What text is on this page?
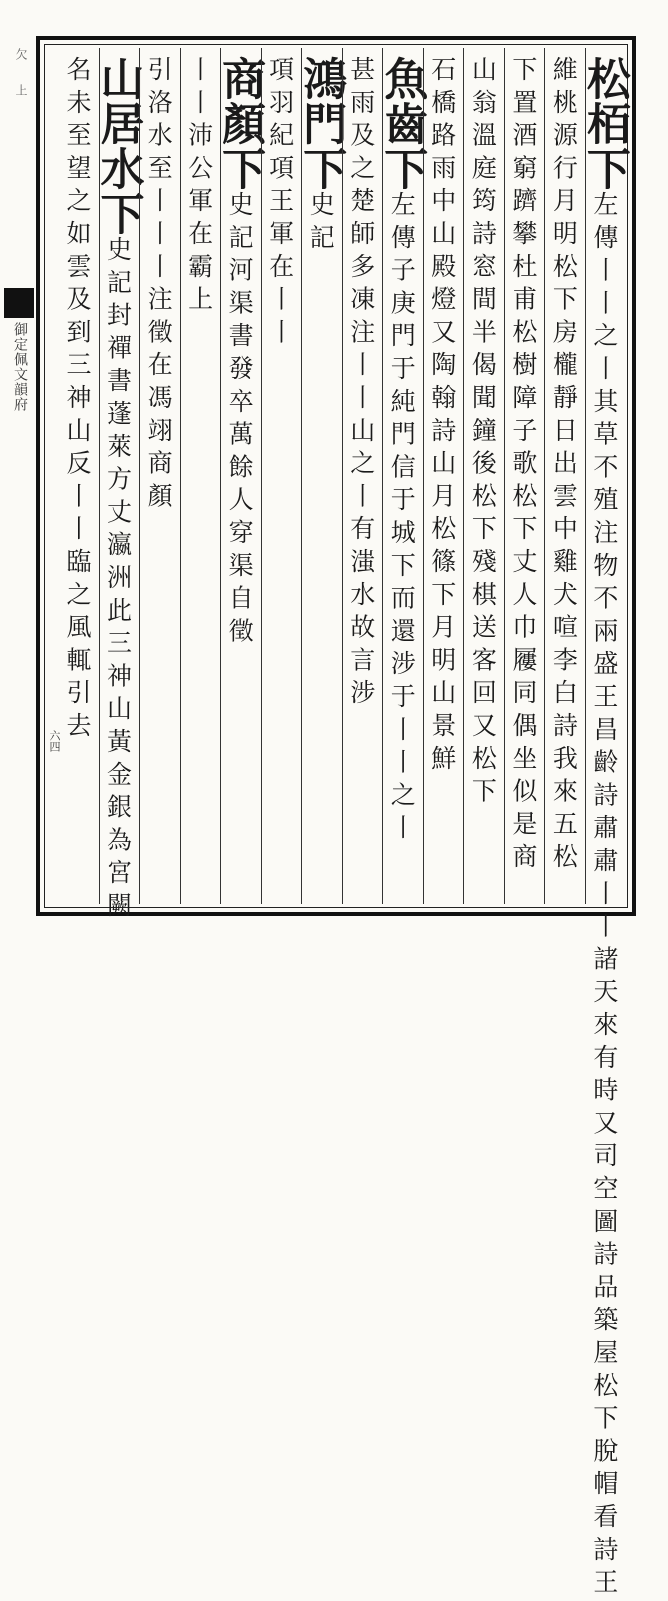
欠　上
御定佩文韻府
六四
松栢下左傳丨丨之丨其草不殖注物不兩盛王昌齡詩肅肅丨丨諸天來有時又司空圖詩品築屋松下脫帽看詩王
維桃源行月明松下房櫳靜日出雲中雞犬喧李白詩我來五松
下置酒窮躋攀杜甫松樹障子歌松下丈人巾屨同偶坐似是商
山翁溫庭筠詩窓間半偈聞鐘後松下殘棋送客回又松下
石橋路雨中山殿燈又陶翰詩山月松篠下月明山景鮮
魚齒下左傳子庚門于純門信于城下而還涉于丨丨之丨
甚雨及之楚師多凍注丨丨山之丨有滍水故言涉
鴻門下史記
項羽紀項王軍在丨丨
商顏下史記河渠書發卒萬餘人穿渠自徵
丨丨沛公軍在霸上
引洛水至丨丨丨注徵在馮翊商顏
山居水下史記封禪書蓬萊方丈瀛洲此三神山黃金銀為宮闕
名未至望之如雲及到三神山反丨丨臨之風輒引去
